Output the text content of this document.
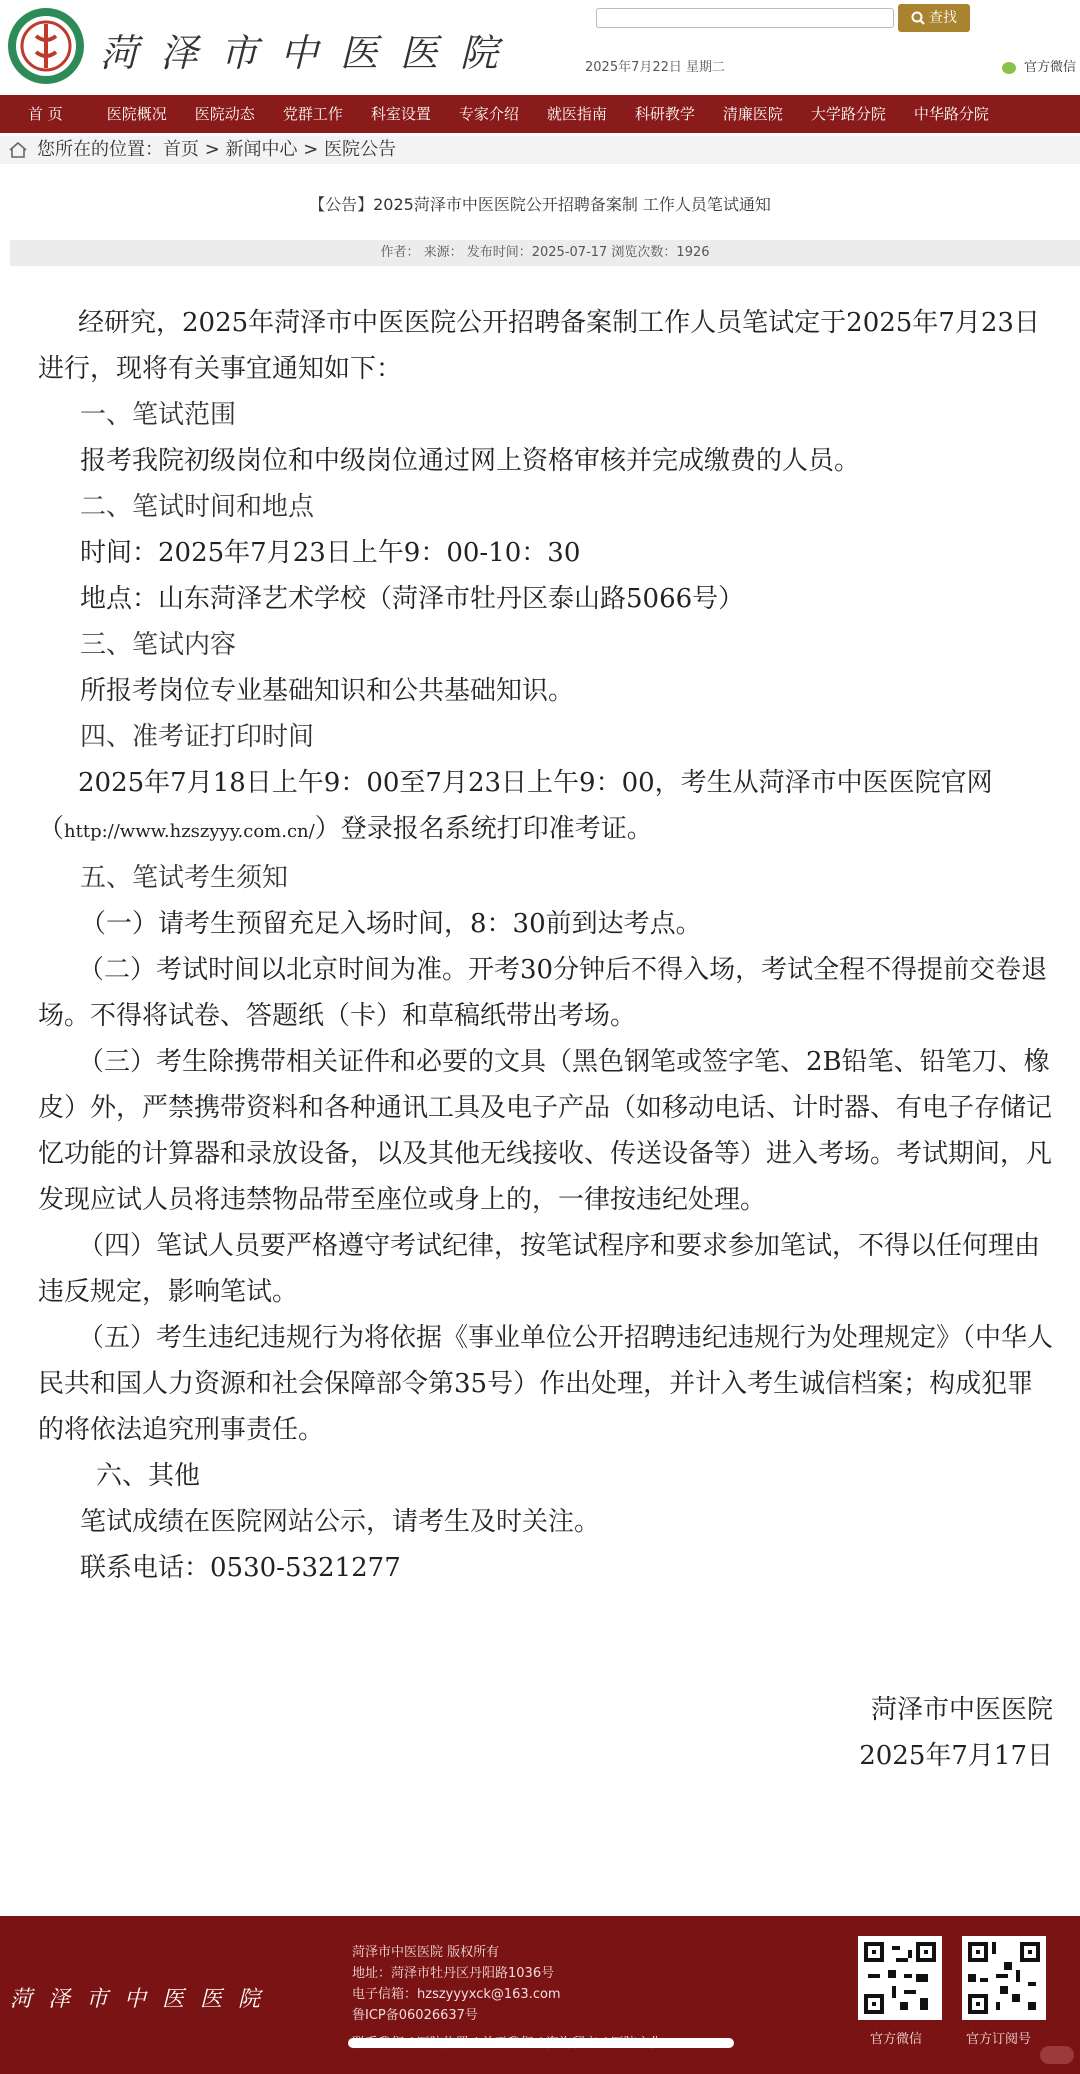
菏泽市中医医院
查找
2025年7月22日 星期二	官方微信
首 页	医院概况	医院动态	党群工作	科室设置	专家介绍	就医指南	科研教学	清廉医院	大学路分院	中华路分院
您所在的位置：首页 > 新闻中心 > 医院公告
【公告】2025菏泽市中医医院公开招聘备案制 工作人员笔试通知
作者： 来源： 发布时间：2025-07-17 浏览次数：1926
经研究，2025年菏泽市中医医院公开招聘备案制工作人员笔试定于2025年7月23日进行，现将有关事宜通知如下：
一、笔试范围
报考我院初级岗位和中级岗位通过网上资格审核并完成缴费的人员。
二、笔试时间和地点
时间：2025年7月23日上午9：00-10：30
地点：山东菏泽艺术学校（菏泽市牡丹区泰山路5066号）
三、笔试内容
所报考岗位专业基础知识和公共基础知识。
四、准考证打印时间
2025年7月18日上午9：00至7月23日上午9：00，考生从菏泽市中医医院官网（http://www.hzszyyy.com.cn/）登录报名系统打印准考证。
五、笔试考生须知
（一）请考生预留充足入场时间，8：30前到达考点。
（二）考试时间以北京时间为准。开考30分钟后不得入场，考试全程不得提前交卷退场。不得将试卷、答题纸（卡）和草稿纸带出考场。
（三）考生除携带相关证件和必要的文具（黑色钢笔或签字笔、2B铅笔、铅笔刀、橡皮）外，严禁携带资料和各种通讯工具及电子产品（如移动电话、计时器、有电子存储记忆功能的计算器和录放设备，以及其他无线接收、传送设备等）进入考场。考试期间，凡发现应试人员将违禁物品带至座位或身上的，一律按违纪处理。
（四）笔试人员要严格遵守考试纪律，按笔试程序和要求参加笔试，不得以任何理由违反规定，影响笔试。
（五）考生违纪违规行为将依据《事业单位公开招聘违纪违规行为处理规定》（中华人民共和国人力资源和社会保障部令第35号）作出处理，并计入考生诚信档案；构成犯罪的将依法追究刑事责任。
六、其他
笔试成绩在医院网站公示，请考生及时关注。
联系电话：0530-5321277
菏泽市中医医院
2025年7月17日
菏泽市中医医院
菏泽市中医医院 版权所有
地址：菏泽市牡丹区丹阳路1036号
电子信箱：hzszyyyxck@163.com
鲁ICP备06026637号
官方微信	官方订阅号
